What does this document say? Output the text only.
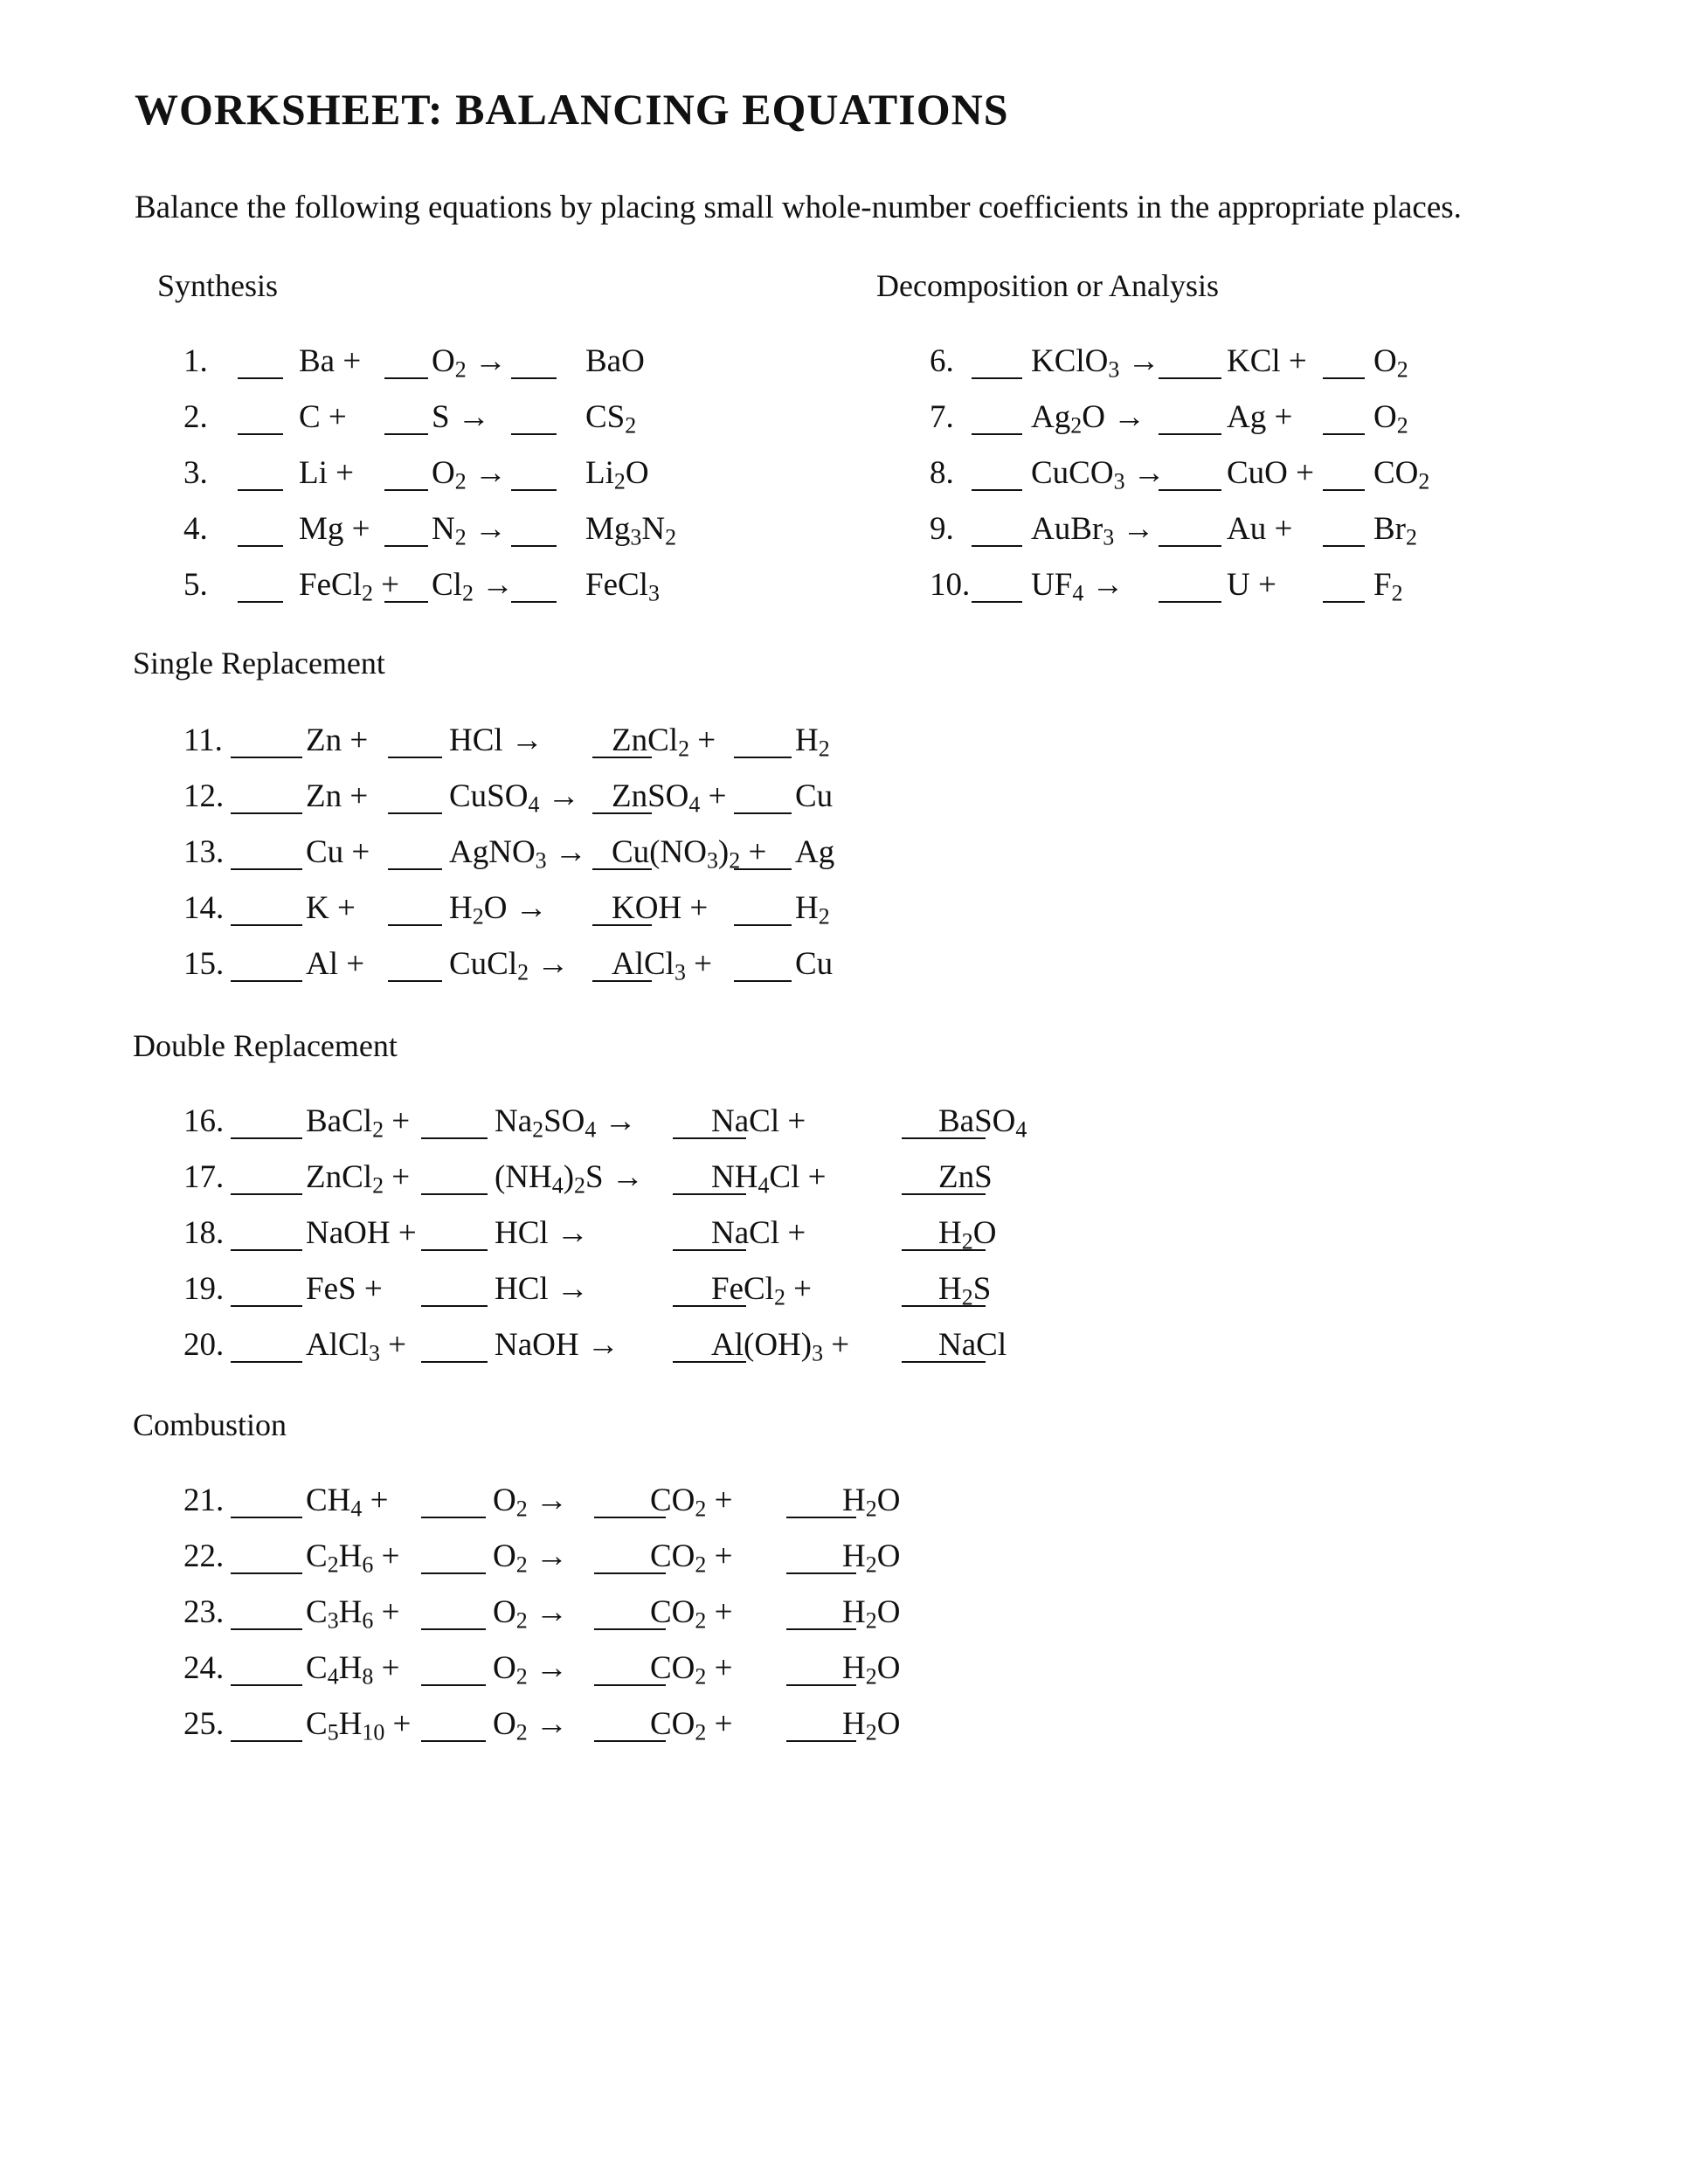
WORKSHEET: BALANCING EQUATIONS

Balance the following equations by placing small whole-number coefficients in the appropriate places.

Synthesis	Decomposition or Analysis

Single Replacement

Double Replacement

Combustion

1.	$Ba + O_2$ → BaO
2.	C +	S →	$CS_2$
3.	$Li + O_2 \to Li_2O$
4.	$Mg + N_2 \to Mg_3N_2$
5.	FeCl$_2$ + $Cl_2$ → FeCl$_3$
6. KClO$_3$ → KCl + $O_2$
7. $Ag_2O$ →	Ag +	$O_2$
8. CuCO$_3$ → CuO + $CO_2$
9. AuBr$_3$ → Au +	$Br_2$
10. $UF_4$ →	U +	$F_2$
11.	Zn +	HCl → ZnCl$_2$ + $H_2$
12.	Zn +	CuSO$_4$ → ZnSO$_4$ + Cu
13.	Cu + AgNO$_3$ → $Cu(NO_3)_2 + Ag$
14.	K +	$H_2O$ → KOH +	$H_2$
15.	Al +	CuCl$_2$ → AlCl$_3$ +	Cu
16.	BaCl$_2$ +	$Na_2SO_4$ → NaCl +	BaSO$_4$
17.	ZnCl$_2$ +	$(NH_4)_2S \to NH_4Cl$ +	ZnS
18.	NaOH + HCl →	NaCl +	$H_2O$
19.	FeS +	HCl →	FeCl$_2$ +	$H_2S$
20.	AlCl$_3$ +	NaOH →	$Al(OH)_3$ +	NaCl
21.	$CH_4$ +	$O_2$ →	$CO_2$ +	$H_2O$
22.	$C_2H_6$ +	$O_2$ →	$CO_2$ +	$H_2O$
23.	$C_3H_6$ +	$O_2$ →	$CO_2$ +	$H_2O$
24.	$C_4H_8$ +	$O_2$ →	$CO_2$ +	$H_2O$
25.	$C_5H_{10}$ +	$O_2$ →	$CO_2$ +	$H_2O$
